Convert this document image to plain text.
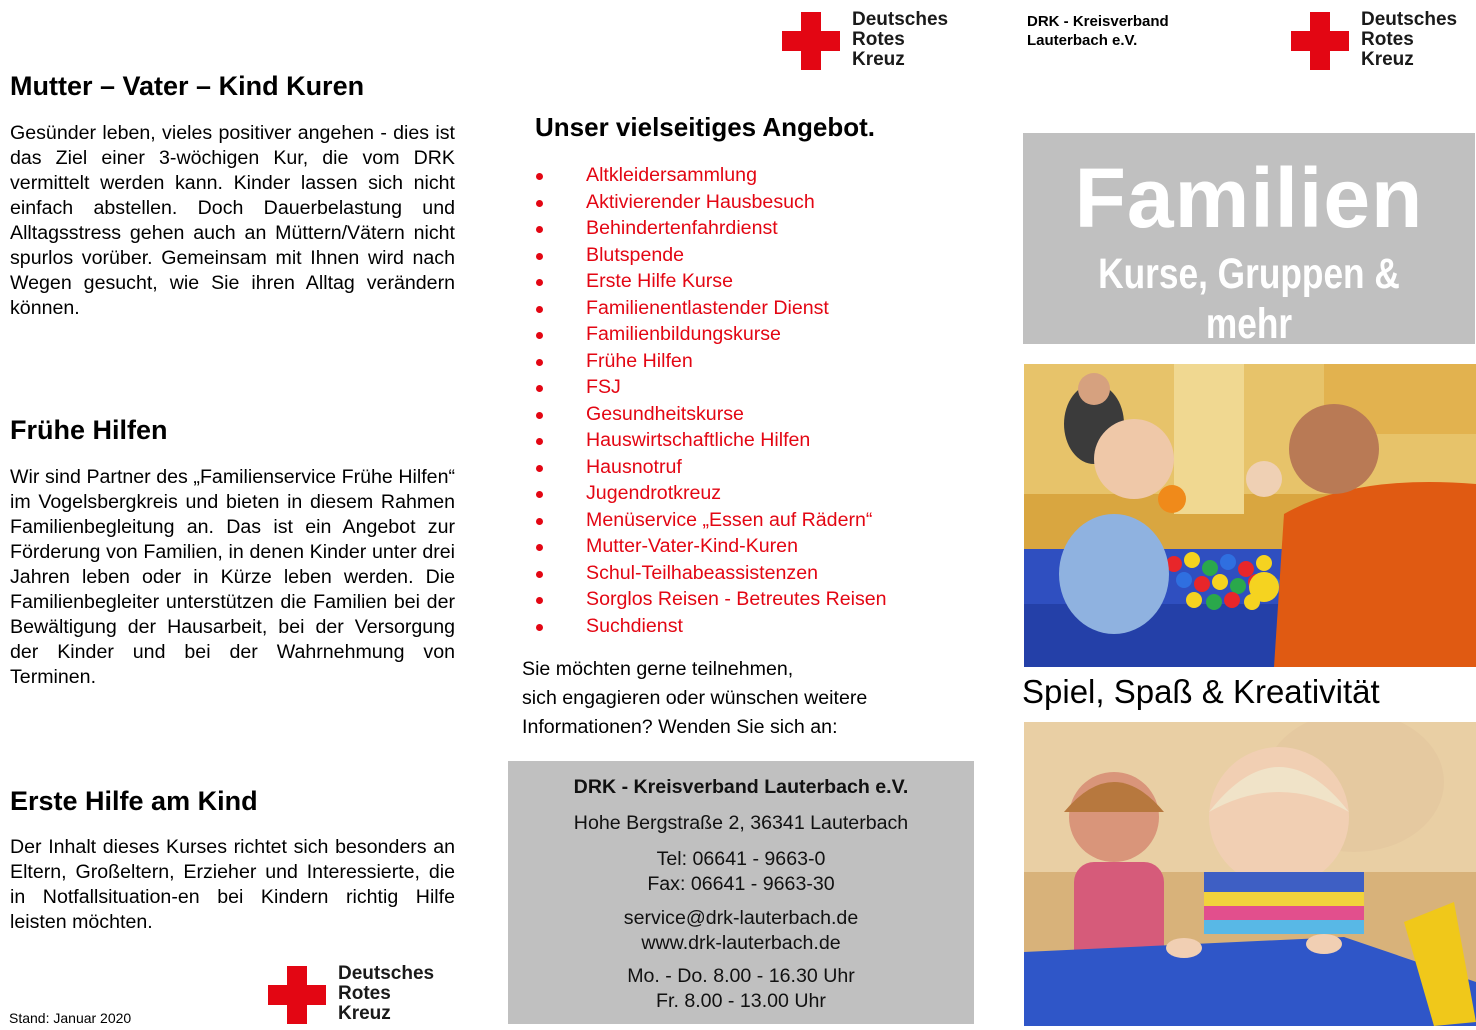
Deutsches
Rotes
Kreuz
DRK - Kreisverband
Lauterbach e.V.
Deutsches
Rotes
Kreuz
Mutter – Vater – Kind Kuren

Gesünder leben, vieles positiver angehen - dies ist das Ziel einer 3-wöchigen Kur, die vom DRK vermittelt werden kann. Kinder lassen sich nicht einfach abstellen. Doch Dauerbelastung und Alltagsstress gehen auch an Müttern/Vätern nicht spurlos vorüber. Gemeinsam mit Ihnen wird nach Wegen gesucht, wie Sie ihren Alltag verändern können.

Frühe Hilfen

Wir sind Partner des „Familienservice Frühe Hilfen“ im Vogelsbergkreis und bieten in diesem Rahmen Familienbegleitung an. Das ist ein Angebot zur Förderung von Familien, in denen Kinder unter drei Jahren leben oder in Kürze leben werden. Die Familienbegleiter unterstützen die Familien bei der Bewältigung der Hausarbeit, bei der Versorgung der Kinder und bei der Wahrnehmung von Terminen.

Erste Hilfe am Kind

Der Inhalt dieses Kurses richtet sich besonders an Eltern, Großeltern, Erzieher und Interessierte, die in Notfallsituation-en bei Kindern richtig Hilfe leisten möchten.

Stand: Januar 2020
Deutsches
Rotes
Kreuz
Unser vielseitiges Angebot.
Altkleidersammlung
Aktivierender Hausbesuch
Behindertenfahrdienst
Blutspende
Erste Hilfe Kurse
Familienentlastender Dienst
Familienbildungskurse
Frühe Hilfen
FSJ
Gesundheitskurse
Hauswirtschaftliche Hilfen
Hausnotruf
Jugendrotkreuz
Menüservice „Essen auf Rädern“
Mutter-Vater-Kind-Kuren
Schul-Teilhabeassistenzen
Sorglos Reisen - Betreutes Reisen
Suchdienst
Sie möchten gerne teilnehmen,
sich engagieren oder wünschen weitere
Informationen? Wenden Sie sich an:
DRK - Kreisverband Lauterbach e.V.
Hohe Bergstraße 2, 36341 Lauterbach
Tel: 06641 - 9663-0
Fax: 06641 - 9663-30
service@drk-lauterbach.de
www.drk-lauterbach.de
Mo. - Do. 8.00 - 16.30 Uhr
Fr. 8.00 - 13.00 Uhr
Familien
Kurse, Gruppen & mehr
Spiel, Spaß & Kreativität
